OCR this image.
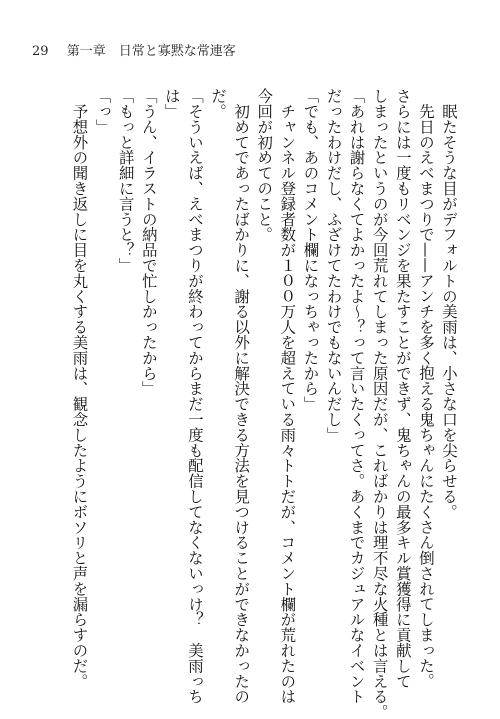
29 第一章　日常と寡黙な常連客
　眠たそうな目がデフォルトの美雨は、小さな口を尖らせる。
　先日のえべまつりで——アンチを多く抱える鬼ちゃんにたくさん倒されてしまった。
さらには一度もリベンジを果たすことができず、鬼ちゃんの最多キル賞獲得に貢献して
しまったというのが今回荒れてしまった原因だが、こればかりは理不尽な火種とは言える。
「あれは謝らなくてよかったよ〜？って言いたくってさ。あくまでカジュアルなイベント
だったわけだし、ふざけてたわけでもないんだし」
「でも、あのコメント欄になっちゃったから」
　チャンネル登録者数が１００万人を超えている雨々トトだが、コメント欄が荒れたのは
今回が初めてのこと。
　初めてであったばかりに、謝る以外に解決できる方法を見つけることができなかったの
だ。
「そういえば、えべまつりが終わってからまだ一度も配信してなくないっけ？　美雨っち
は」
「うん、イラストの納品で忙しかったから」
「もっと詳細に言うと？」
「っ」
　予想外の聞き返しに目を丸くする美雨は、観念したようにボソリと声を漏らすのだ。
